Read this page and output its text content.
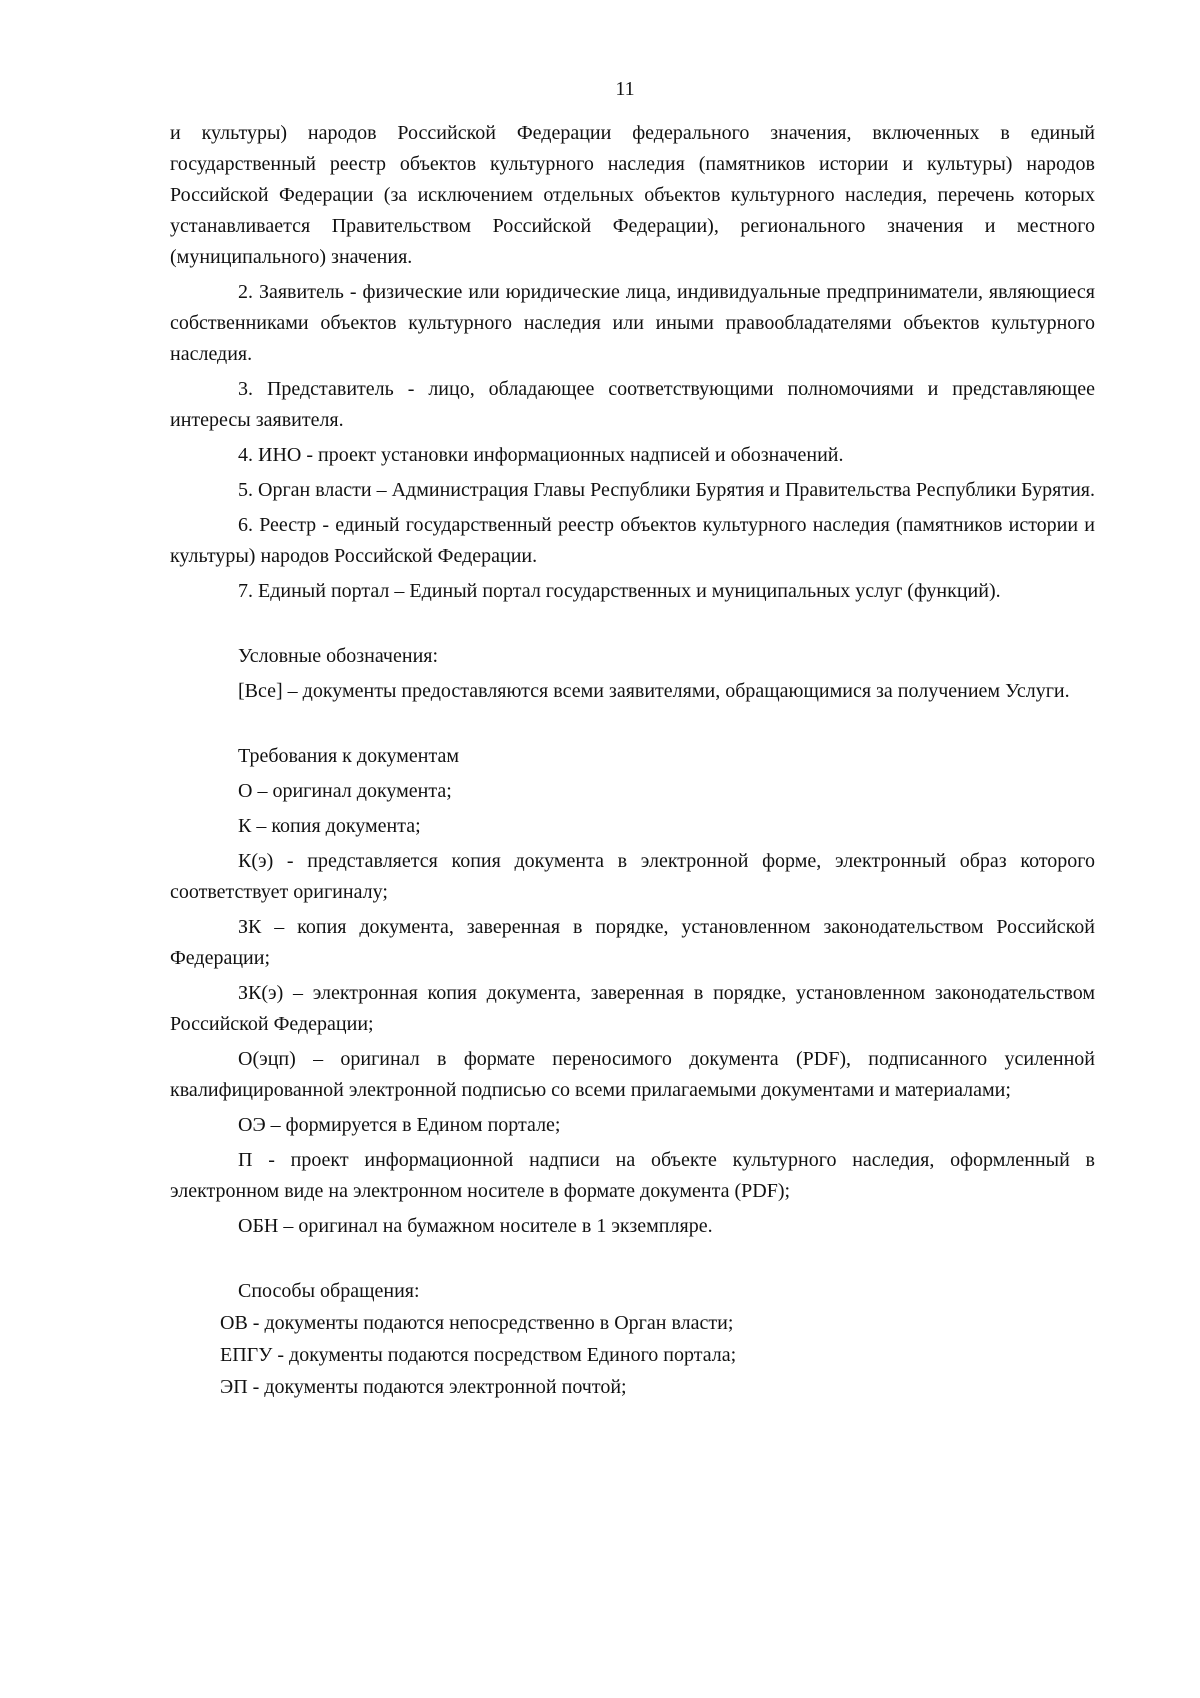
11

и культуры) народов Российской Федерации федерального значения, включенных в единый государственный реестр объектов культурного наследия (памятников истории и культуры) народов Российской Федерации (за исключением отдельных объектов культурного наследия, перечень которых устанавливается Правительством Российской Федерации), регионального значения и местного (муниципального) значения.

2. Заявитель - физические или юридические лица, индивидуальные предприниматели, являющиеся собственниками объектов культурного наследия или иными правообладателями объектов культурного наследия.

3. Представитель - лицо, обладающее соответствующими полномочиями и представляющее интересы заявителя.

4. ИНО - проект установки информационных надписей и обозначений.

5. Орган власти – Администрация Главы Республики Бурятия и Правительства Республики Бурятия.

6. Реестр - единый государственный реестр объектов культурного наследия (памятников истории и культуры) народов Российской Федерации.

7. Единый портал – Единый портал государственных и муниципальных услуг (функций).

Условные обозначения:

[Все] – документы предоставляются всеми заявителями, обращающимися за получением Услуги.

Требования к документам

О – оригинал документа;

К – копия документа;

К(э) - представляется копия документа в электронной форме, электронный образ которого соответствует оригиналу;

ЗК – копия документа, заверенная в порядке, установленном законодательством Российской Федерации;

ЗК(э) – электронная копия документа, заверенная в порядке, установленном законодательством Российской Федерации;

О(эцп) – оригинал в формате переносимого документа (PDF), подписанного усиленной квалифицированной электронной подписью со всеми прилагаемыми документами и материалами;

ОЭ – формируется в Едином портале;

П - проект информационной надписи на объекте культурного наследия, оформленный в электронном виде на электронном носителе в формате документа (PDF);

ОБН – оригинал на бумажном носителе в 1 экземпляре.

Способы обращения:

ОВ - документы подаются непосредственно в Орган власти;

ЕПГУ - документы подаются посредством Единого портала;

ЭП - документы подаются электронной почтой;
